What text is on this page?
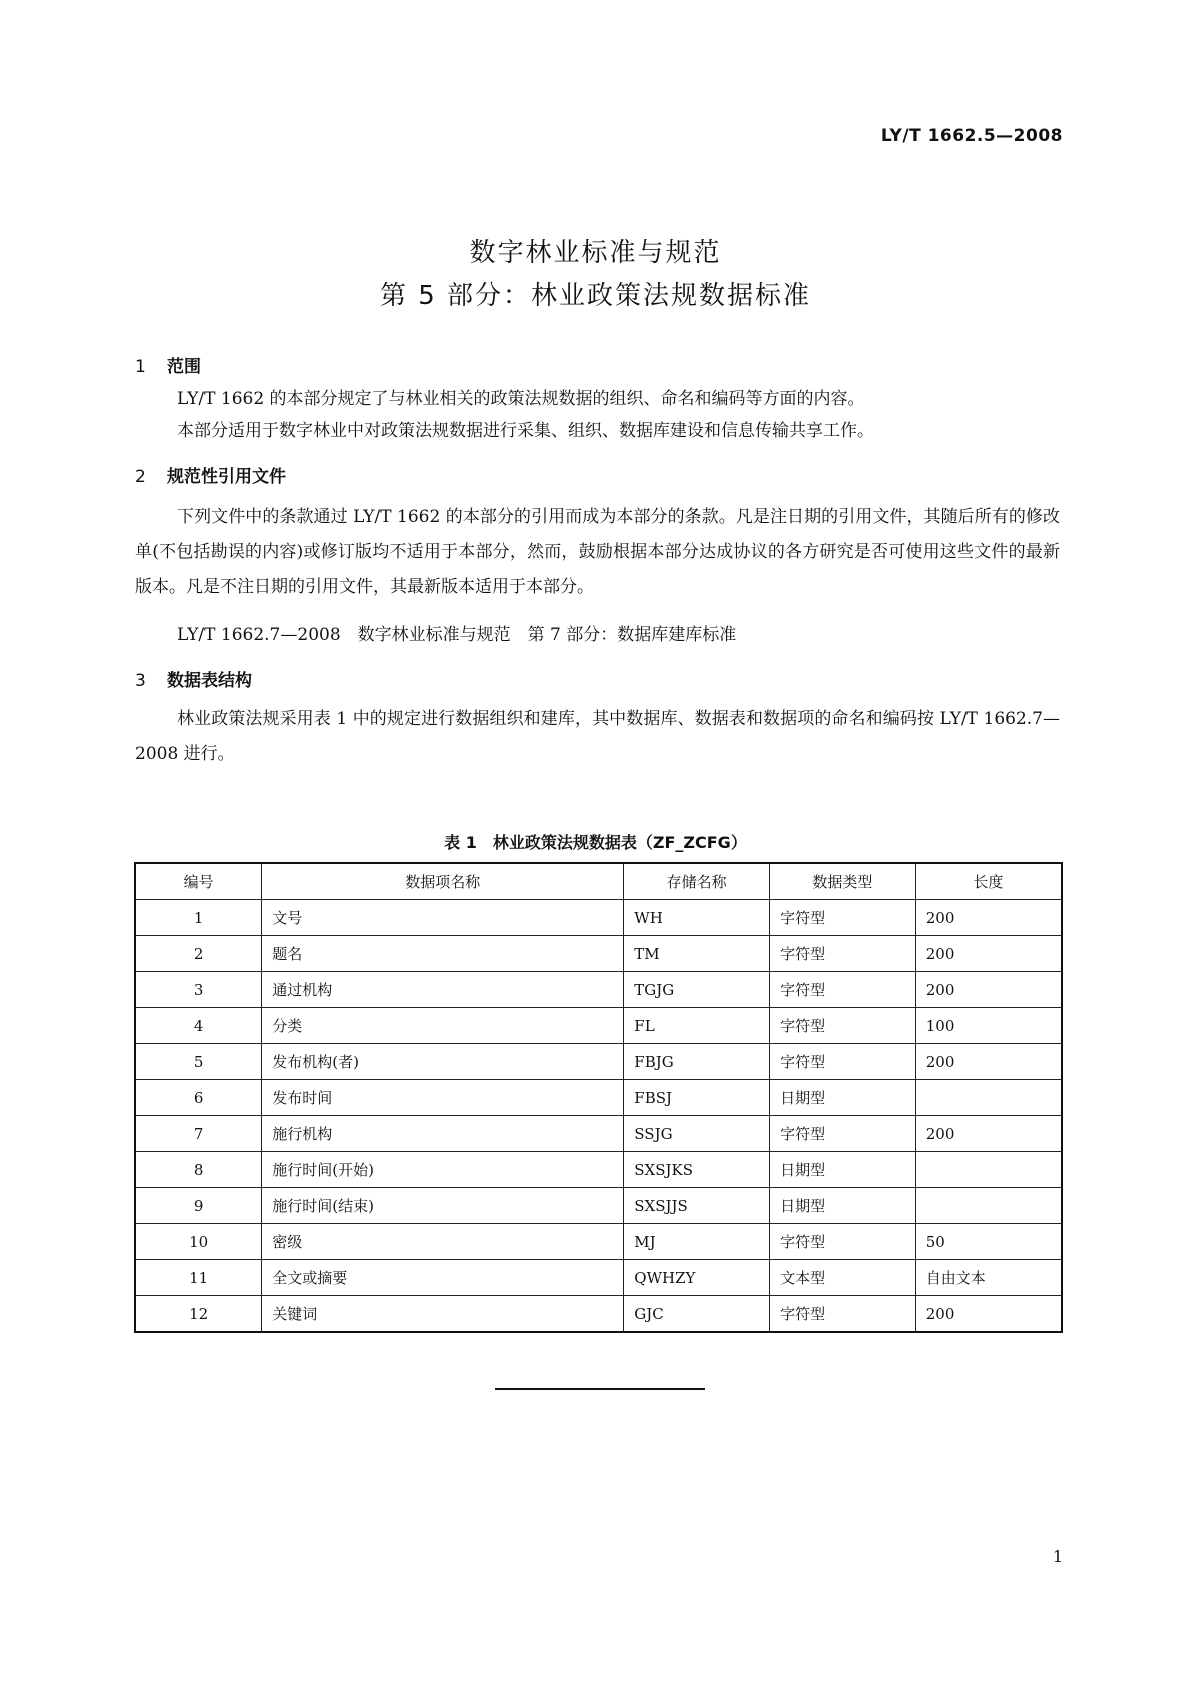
LY/T 1662.5—2008
数字林业标准与规范
第 5 部分：林业政策法规数据标准
1 范围
LY/T 1662 的本部分规定了与林业相关的政策法规数据的组织、命名和编码等方面的内容。
本部分适用于数字林业中对政策法规数据进行采集、组织、数据库建设和信息传输共享工作。
2 规范性引用文件
下列文件中的条款通过 LY/T 1662 的本部分的引用而成为本部分的条款。凡是注日期的引用文件，其随后所有的修改单(不包括勘误的内容)或修订版均不适用于本部分，然而，鼓励根据本部分达成协议的各方研究是否可使用这些文件的最新版本。凡是不注日期的引用文件，其最新版本适用于本部分。
LY/T 1662.7—2008　数字林业标准与规范　第 7 部分：数据库建库标准
3 数据表结构
林业政策法规采用表 1 中的规定进行数据组织和建库，其中数据库、数据表和数据项的命名和编码按 LY/T 1662.7—2008 进行。
表 1　林业政策法规数据表（ZF_ZCFG）
编号	数据项名称	存储名称	数据类型	长度
1	文号	WH	字符型	200
2	题名	TM	字符型	200
3	通过机构	TGJG	字符型	200
4	分类	FL	字符型	100
5	发布机构(者)	FBJG	字符型	200
6	发布时间	FBSJ	日期型	
7	施行机构	SSJG	字符型	200
8	施行时间(开始)	SXSJKS	日期型	
9	施行时间(结束)	SXSJJS	日期型	
10	密级	MJ	字符型	50
11	全文或摘要	QWHZY	文本型	自由文本
12	关键词	GJC	字符型	200
1
